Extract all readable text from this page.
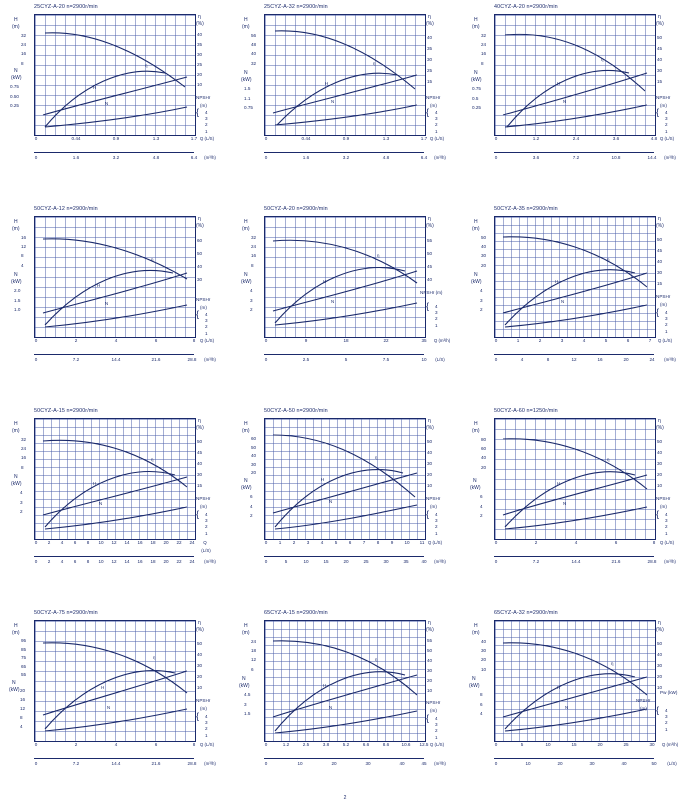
25CYZ-A-20 n=2900r/min
H
η
N
H
(m)
32
24
16
8
N
(kW)
0.75
0.50
0.25
η
(%)
40
35
30
25
20
10
NPSHr
(m)
{ 4
3
2
1
0	0.44	0.9	1.3	1.7 Q (L/S)
0	1.6	3.2	4.8	6.4 (m³/h)
25CYZ-A-32 n=2900r/min
H
η
N
H
(m)
56
48
40
32
N
(kW)
1.5
1.1
0.75
η
(%)
40
35
30
25
15
NPSHr
(m)
{ 4
3
2
1
0	0.44	0.9	1.3	1.7 Q (L/S)
0	1.6	3.2	4.8	6.4 (m³/h)
40CYZ-A-20 n=2900r/min
H
η
N
H
(m)
32
24
16
8
N
(kW)
0.75
0.5
0.25
η
(%)
50
45
40
30
15
NPSHr
(m)
{ 4
3
2
1
0	1.2	2.4	3.6	4.8 Q (L/S)
0	3.6	7.2	10.8	14.4 (m³/h)
50CYZ-A-12 n=2900r/min
H
η
N
H
(m)
16
12
8
4
N
(kW)
2.0
1.5
1.0
η
(%)
60
50
40
30
NPSHr
(m)
{ 4
3
2
1
0	2	4	6	8 Q (L/S)
0	7.2	14.4	21.6	28.8 (m³/h)
50CYZ-A-20 n=2900r/min
H
η
N
H
(m)
32
24
16
8
N
(kW)
4
3
2
η
(%)
55
50
45
40
NPSHr (m)
{ 4
3
2
1
0	9	18	22	35 Q (m³/h)
0	2.5	5	7.5	10 (L/S)
50CYZ-A-35 n=2900r/min
H
η
N
H
(m)
50
40
30
20
N
(kW)
4
3
2
η
(%)
50
45
40
30
15
NPSHr
(m)
{ 4
3
2
1
0	1	2	3	4	5	6	7 Q (L/S)
0	4	8	12	16	20	24 (m³/h)
50CYZ-A-15 n=2900r/min
H
η
N
H
(m)
32
24
16
8
N
(kW)
4
3
2
η
(%)
50
45
40
30
15
NPSHr
(m)
{ 4
3
2
1
0 2 4 6 8 10 12 14 16 18 20 22 24 Q
(L/S)
0 2 4 6 8 10 12 14 16 18 20 22 24 (m³/h)
50CYZ-A-50 n=2900r/min
H
η
N
H
(m)
60
50
40
30
20
N
(kW)
6
4
2
η
(%)
50
40
30
20
10
NPSHr
(m)
{ 4
3
2
1
0 1 2 3 4 5 6 7 8 9 10 11 Q (L/S)
0	5	10	15	20	25	30	35	40 (m³/h)
50CYZ-A-60 n=1250r/min
H
η
N
H
(m)
80
60
40
20
N
(kW)
6
4
2
η
(%)
50
40
30
20
10
NPSHr
(m)
{ 4
3
2
1
0	2	4	6	8 Q (L/S)
0	7.2	14.4	21.6	28.8 (m³/h)
50CYZ-A-75 n=2900r/min
H
η
N
H
(m)
95
85
75
65
55
N
(kW) 20
16
12
8
4
η
(%)
50
40
30
20
10
NPSHr
(m)
{ 4
3
2
1
0	2	4	6	8 Q (L/S)
0	7.2	14.4	21.6	28.8 (m³/h)
65CYZ-A-15 n=2900r/min
H
η
N
H
(m)
24
18
12
6
N
(kW)
4.5
3
1.5
η
(%)
55
50
40
30
20
10
NPSHr
(m)
{ 4
3
2
1
0	1.2	2.5	3.8	5.2	6.6	8.6	10.6 12.5 Q (L/S)
0	10	20	30	40	45 (m³/h)
65CYZ-A-32 n=2900r/min
H
η
N
H
(m)
40
30
20
10
N
(kW)
8
6
4
η
(%)
50
40
30
20
10
NPSHr
(m) { 4
3
2
1
Pw (kW)
0	5	10	15	20	25	30 Q (m³/h)
0	10	20	30	40	50 (L/S)
2
